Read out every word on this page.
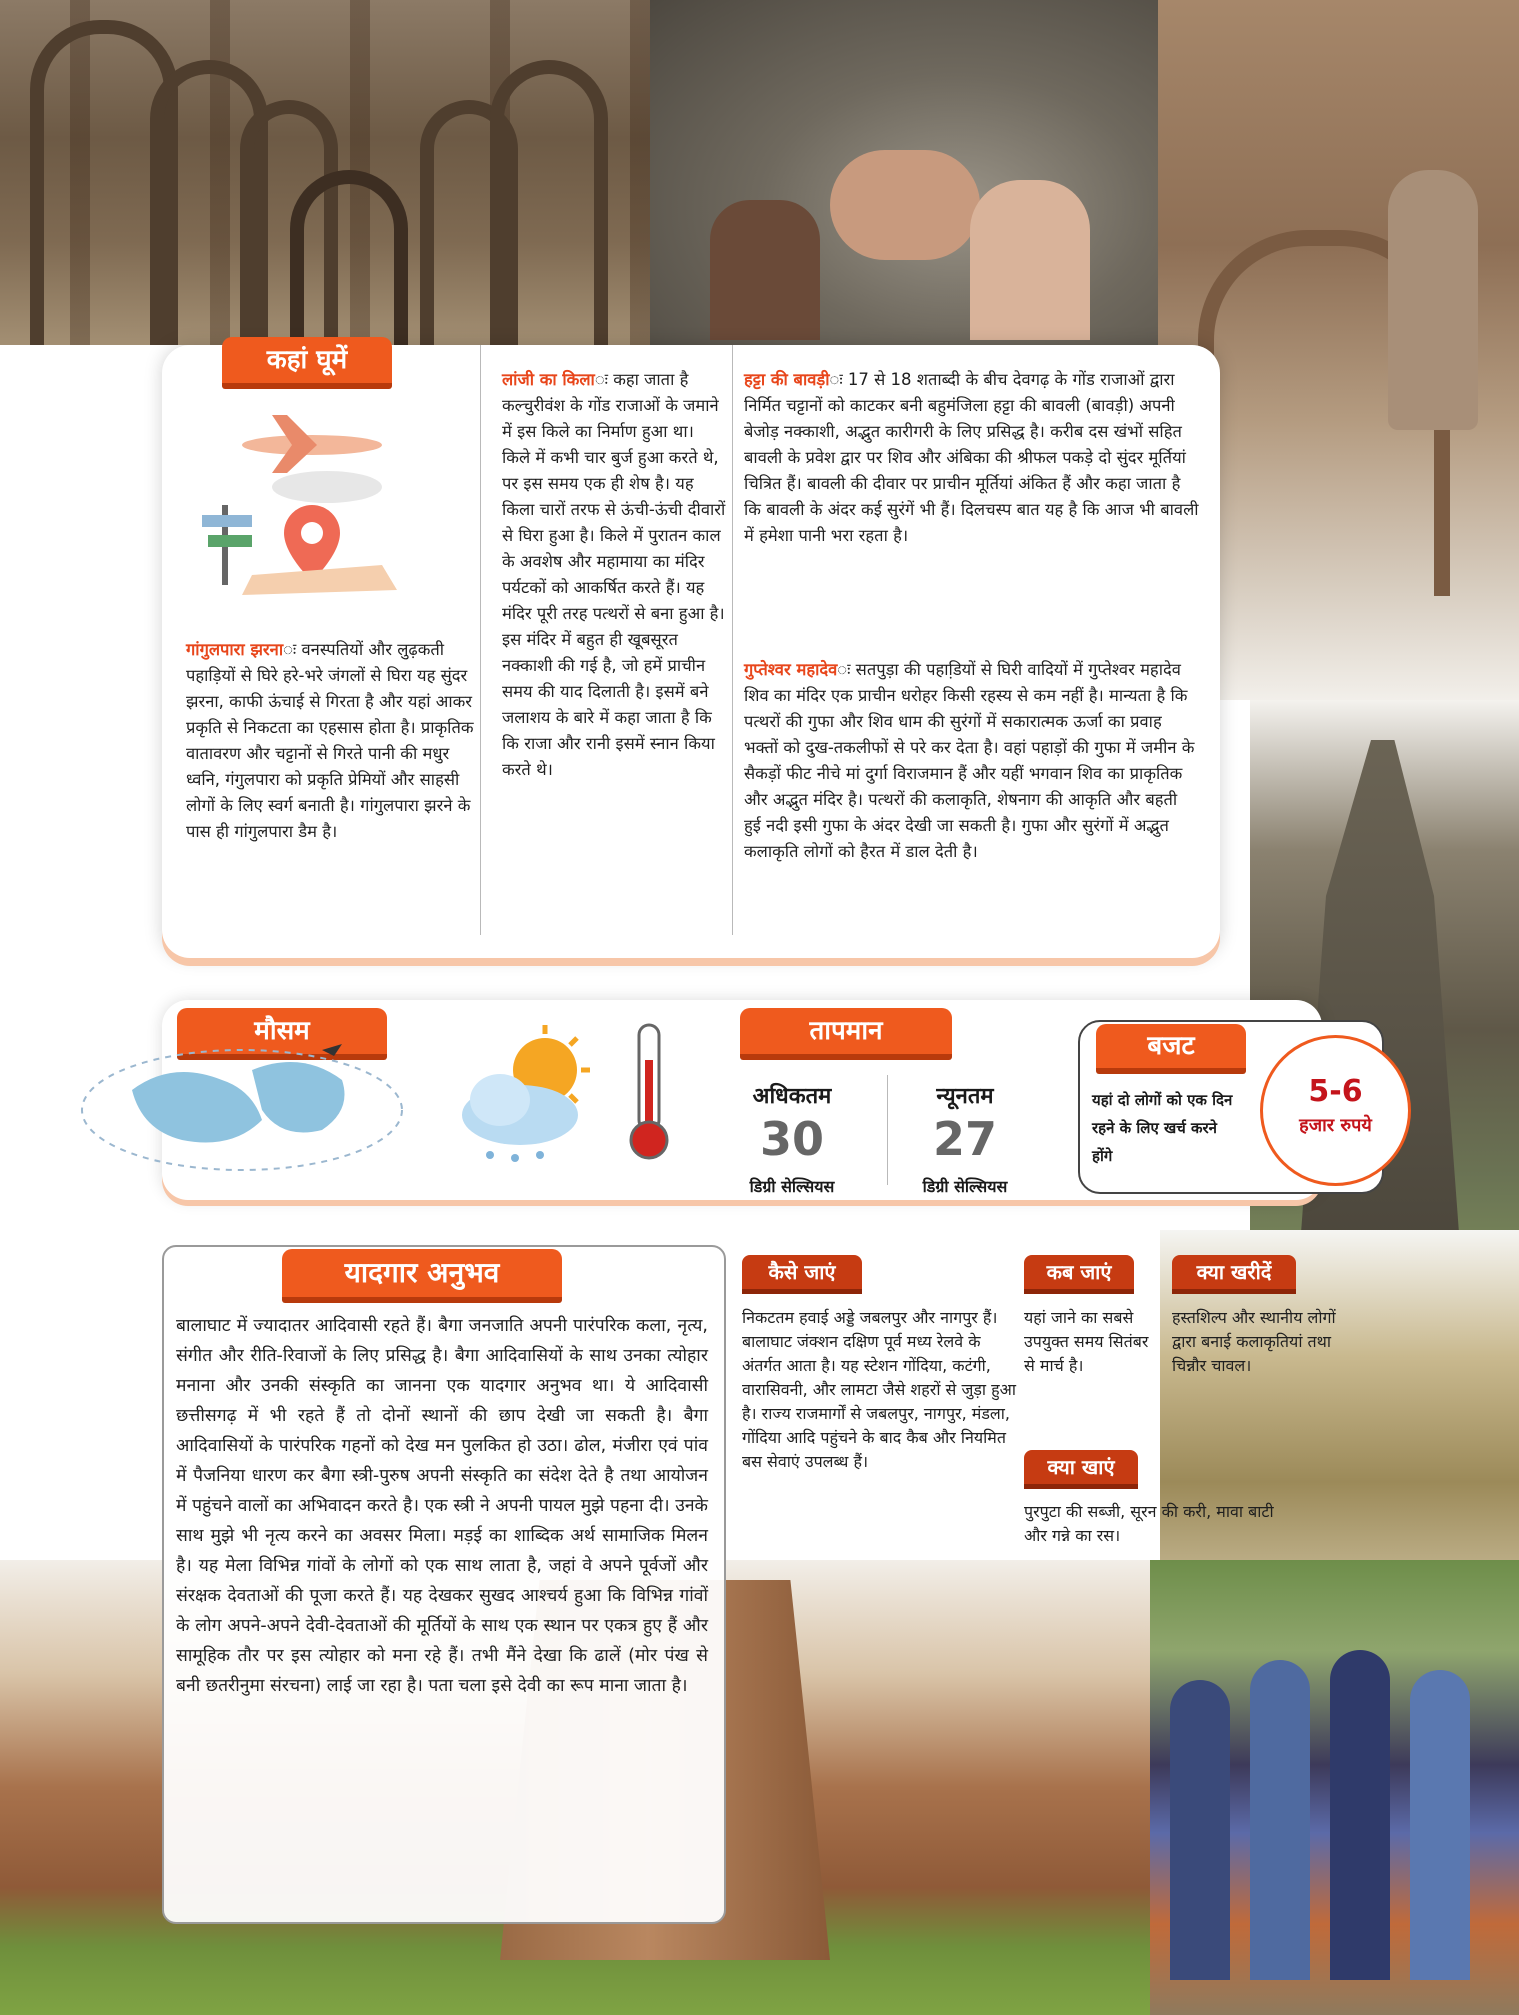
कहां घूमें
गांगुलपारा झरनाः वनस्पतियों और लुढ़कती पहाड़ियों से घिरे हरे-भरे जंगलों से घिरा यह सुंदर झरना, काफी ऊंचाई से गिरता है और यहां आकर प्रकृति से निकटता का एहसास होता है। प्राकृतिक वातावरण और चट्टानों से गिरते पानी की मधुर ध्वनि, गंगुलपारा को प्रकृति प्रेमियों और साहसी लोगों के लिए स्वर्ग बनाती है। गांगुलपारा झरने के पास ही गांगुलपारा डैम है।
लांजी का किलाः कहा जाता है कल्चुरीवंश के गोंड राजाओं के जमाने में इस किले का निर्माण हुआ था। किले में कभी चार बुर्ज हुआ करते थे, पर इस समय एक ही शेष है। यह किला चारों तरफ से ऊंची-ऊंची दीवारों से घिरा हुआ है। किले में पुरातन काल के अवशेष और महामाया का मंदिर पर्यटकों को आकर्षित करते हैं। यह मंदिर पूरी तरह पत्थरों से बना हुआ है। इस मंदिर में बहुत ही खूबसूरत नक्काशी की गई है, जो हमें प्राचीन समय की याद दिलाती है। इसमें बने जलाशय के बारे में कहा जाता है कि कि राजा और रानी इसमें स्नान किया करते थे।
हट्टा की बावड़ीः 17 से 18 शताब्दी के बीच देवगढ़ के गोंड राजाओं द्वारा निर्मित चट्टानों को काटकर बनी बहुमंजिला हट्टा की बावली (बावड़ी) अपनी बेजोड़ नक्काशी, अद्भुत कारीगरी के लिए प्रसिद्ध है। करीब दस खंभों सहित बावली के प्रवेश द्वार पर शिव और अंबिका की श्रीफल पकड़े दो सुंदर मूर्तियां चित्रित हैं। बावली की दीवार पर प्राचीन मूर्तियां अंकित हैं और कहा जाता है कि बावली के अंदर कई सुरंगें भी हैं। दिलचस्प बात यह है कि आज भी बावली में हमेशा पानी भरा रहता है।
गुप्तेश्वर महादेवः सतपुड़ा की पहाडि़यों से घिरी वादियों में गुप्तेश्वर महादेव शिव का मंदिर एक प्राचीन धरोहर किसी रहस्य से कम नहीं है। मान्यता है कि पत्थरों की गुफा और शिव धाम की सुरंगों में सकारात्मक ऊर्जा का प्रवाह भक्तों को दुख-तकलीफों से परे कर देता है। वहां पहाड़ों की गुफा में जमीन के सैकड़ों फीट नीचे मां दुर्गा विराजमान हैं और यहीं भगवान शिव का प्राकृतिक और अद्भुत मंदिर है। पत्थरों की कलाकृति, शेषनाग की आकृति और बहती हुई नदी इसी गुफा के अंदर देखी जा सकती है। गुफा और सुरंगों में अद्भुत कलाकृति लोगों को हैरत में डाल देती है।
मौसम	तापमान
अधिकतम
30
डिग्री सेल्सियस
न्यूनतम
27
डिग्री सेल्सियस
बजट
यहां दो लोगों को एक दिन रहने के लिए खर्च करने होंगे
5-6
हजार रुपये
यादगार अनुभव
बालाघाट में ज्यादातर आदिवासी रहते हैं। बैगा जनजाति अपनी पारंपरिक कला, नृत्य, संगीत और रीति-रिवाजों के लिए प्रसिद्ध है। बैगा आदिवासियों के साथ उनका त्योहार मनाना और उनकी संस्कृति का जानना एक यादगार अनुभव था। ये आदिवासी छत्तीसगढ़ में भी रहते हैं तो दोनों स्थानों की छाप देखी जा सकती है। बैगा आदिवासियों के पारंपरिक गहनों को देख मन पुलकित हो उठा। ढोल, मंजीरा एवं पांव में पैजनिया धारण कर बैगा स्त्री-पुरुष अपनी संस्कृति का संदेश देते है तथा आयोजन में पहुंचने वालों का अभिवादन करते है। एक स्त्री ने अपनी पायल मुझे पहना दी। उनके साथ मुझे भी नृत्य करने का अवसर मिला। मड़ई का शाब्दिक अर्थ सामाजिक मिलन है। यह मेला विभिन्न गांवों के लोगों को एक साथ लाता है, जहां वे अपने पूर्वजों और संरक्षक देवताओं की पूजा करते हैं। यह देखकर सुखद आश्चर्य हुआ कि विभिन्न गांवों के लोग अपने-अपने देवी-देवताओं की मूर्तियों के साथ एक स्थान पर एकत्र हुए हैं और सामूहिक तौर पर इस त्योहार को मना रहे हैं। तभी मैंने देखा कि ढालें (मोर पंख से बनी छतरीनुमा संरचना) लाई जा रहा है। पता चला इसे देवी का रूप माना जाता है।
कैसे जाएं
निकटतम हवाई अड्डे जबलपुर और नागपुर हैं। बालाघाट जंक्शन दक्षिण पूर्व मध्य रेलवे के अंतर्गत आता है। यह स्टेशन गोंदिया, कटंगी, वारासिवनी, और लामटा जैसे शहरों से जुड़ा हुआ है। राज्य राजमार्गों से जबलपुर, नागपुर, मंडला, गोंदिया आदि पहुंचने के बाद कैब और नियमित बस सेवाएं उपलब्ध हैं।
कब जाएं
यहां जाने का सबसे उपयुक्त समय सितंबर से मार्च है।
क्या खरीदें
हस्तशिल्प और स्थानीय लोगों द्वारा बनाई कलाकृतियां तथा चिन्नौर चावल।
क्या खाएं
पुरपुटा की सब्जी, सूरन की करी, मावा बाटी और गन्ने का रस।
